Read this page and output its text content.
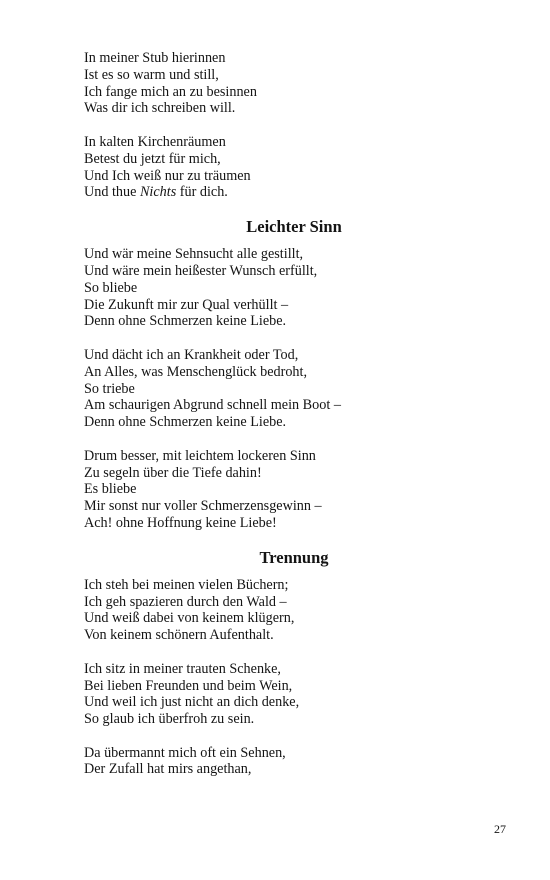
In meiner Stub hierinnen
Ist es so warm und still,
Ich fange mich an zu besinnen
Was dir ich schreiben will.
In kalten Kirchenräumen
Betest du jetzt für mich,
Und Ich weiß nur zu träumen
Und thue Nichts für dich.
Leichter Sinn
Und wär meine Sehnsucht alle gestillt,
Und wäre mein heißester Wunsch erfüllt,
So bliebe
Die Zukunft mir zur Qual verhüllt –
Denn ohne Schmerzen keine Liebe.
Und dächt ich an Krankheit oder Tod,
An Alles, was Menschenglück bedroht,
So triebe
Am schaurigen Abgrund schnell mein Boot –
Denn ohne Schmerzen keine Liebe.
Drum besser, mit leichtem lockeren Sinn
Zu segeln über die Tiefe dahin!
Es bliebe
Mir sonst nur voller Schmerzensgewinn –
Ach! ohne Hoffnung keine Liebe!
Trennung
Ich steh bei meinen vielen Büchern;
Ich geh spazieren durch den Wald –
Und weiß dabei von keinem klügern,
Von keinem schönern Aufenthalt.
Ich sitz in meiner trauten Schenke,
Bei lieben Freunden und beim Wein,
Und weil ich just nicht an dich denke,
So glaub ich überfroh zu sein.
Da übermannt mich oft ein Sehnen,
Der Zufall hat mirs angethan,
27
